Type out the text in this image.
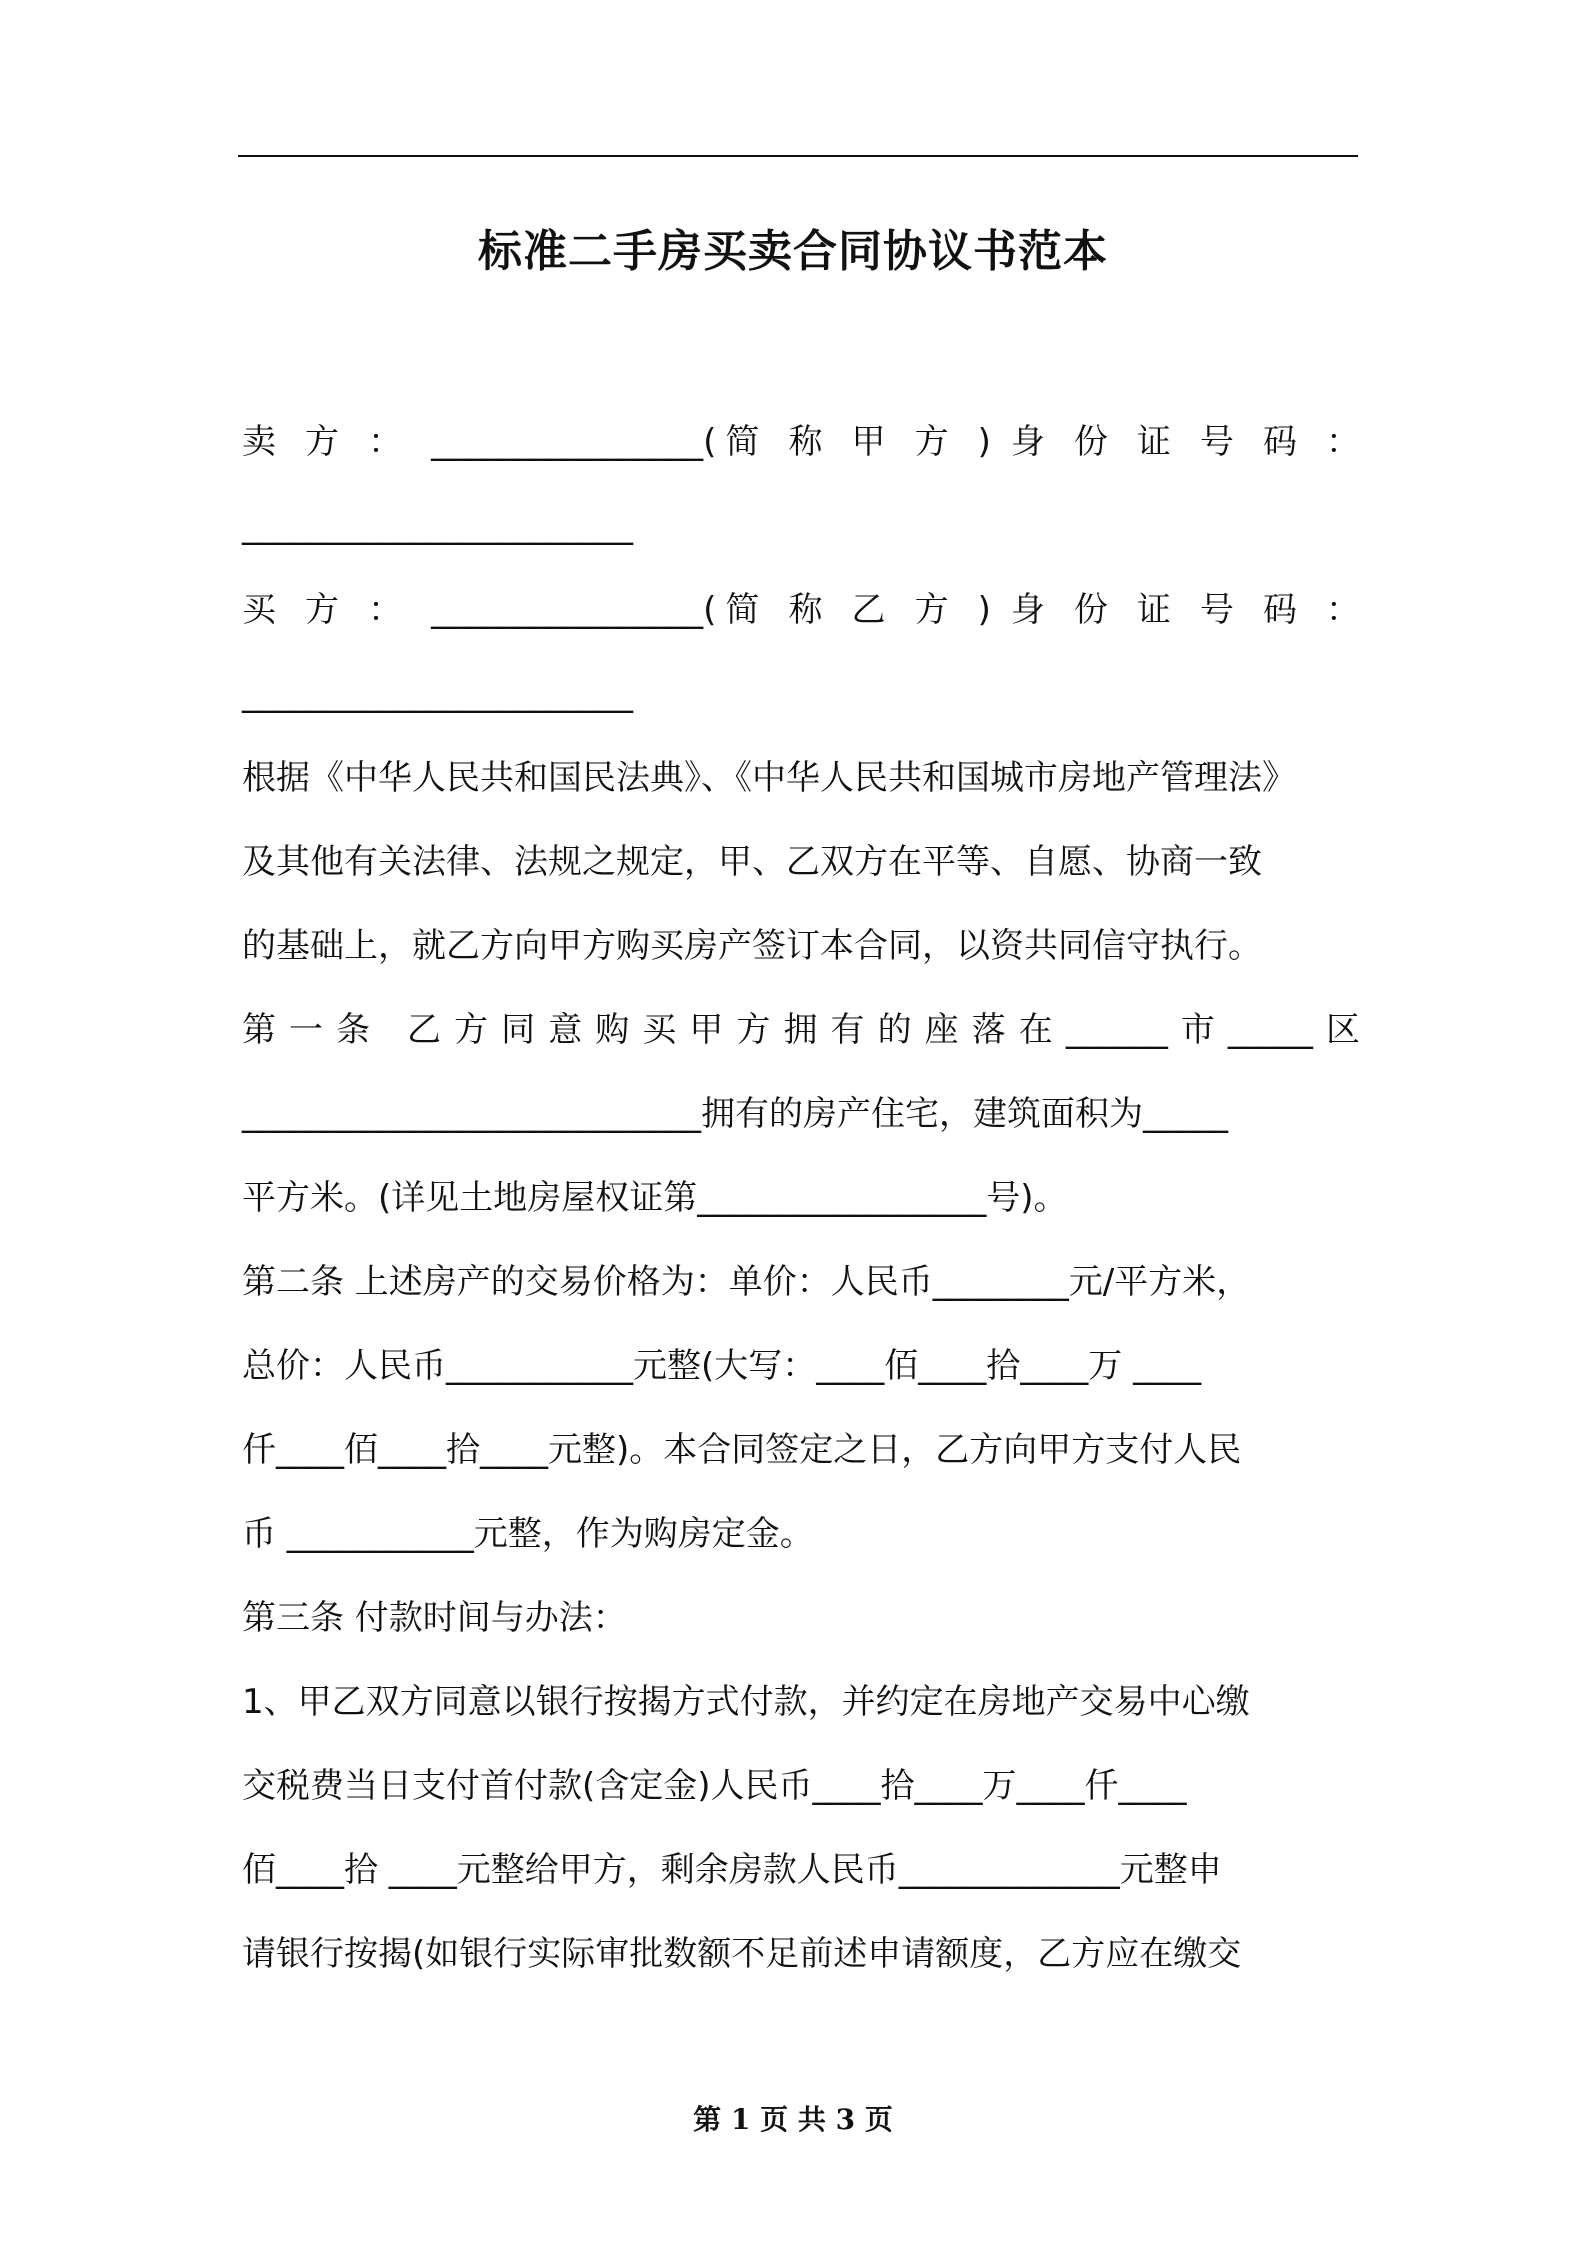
标准二手房买卖合同协议书范本
卖 方 ： ________________(简 称 甲 方 ) 身 份 证 号 码 ：
_______________________
买 方 ： ________________(简 称 乙 方 ) 身 份 证 号 码 ：
_______________________
根据《中华人民共和国民法典》、《中华人民共和国城市房地产管理法》
及其他有关法律、法规之规定，甲、乙双方在平等、自愿、协商一致
的基础上，就乙方向甲方购买房产签订本合同，以资共同信守执行。
第一条 乙方同意购买甲方拥有的座落在______市_____区
___________________________拥有的房产住宅，建筑面积为_____
平方米。(详见土地房屋权证第_________________号)。
第二条 上述房产的交易价格为：单价：人民币________元/平方米，
总价：人民币___________元整(大写：____佰____拾____万 ____
仟____佰____拾____元整)。本合同签定之日，乙方向甲方支付人民
币 ___________元整，作为购房定金。
第三条 付款时间与办法：
1、甲乙双方同意以银行按揭方式付款，并约定在房地产交易中心缴
交税费当日支付首付款(含定金)人民币____拾____万____仟____
佰____拾 ____元整给甲方，剩余房款人民币_____________元整申
请银行按揭(如银行实际审批数额不足前述申请额度，乙方应在缴交
第 1 页 共 3 页
